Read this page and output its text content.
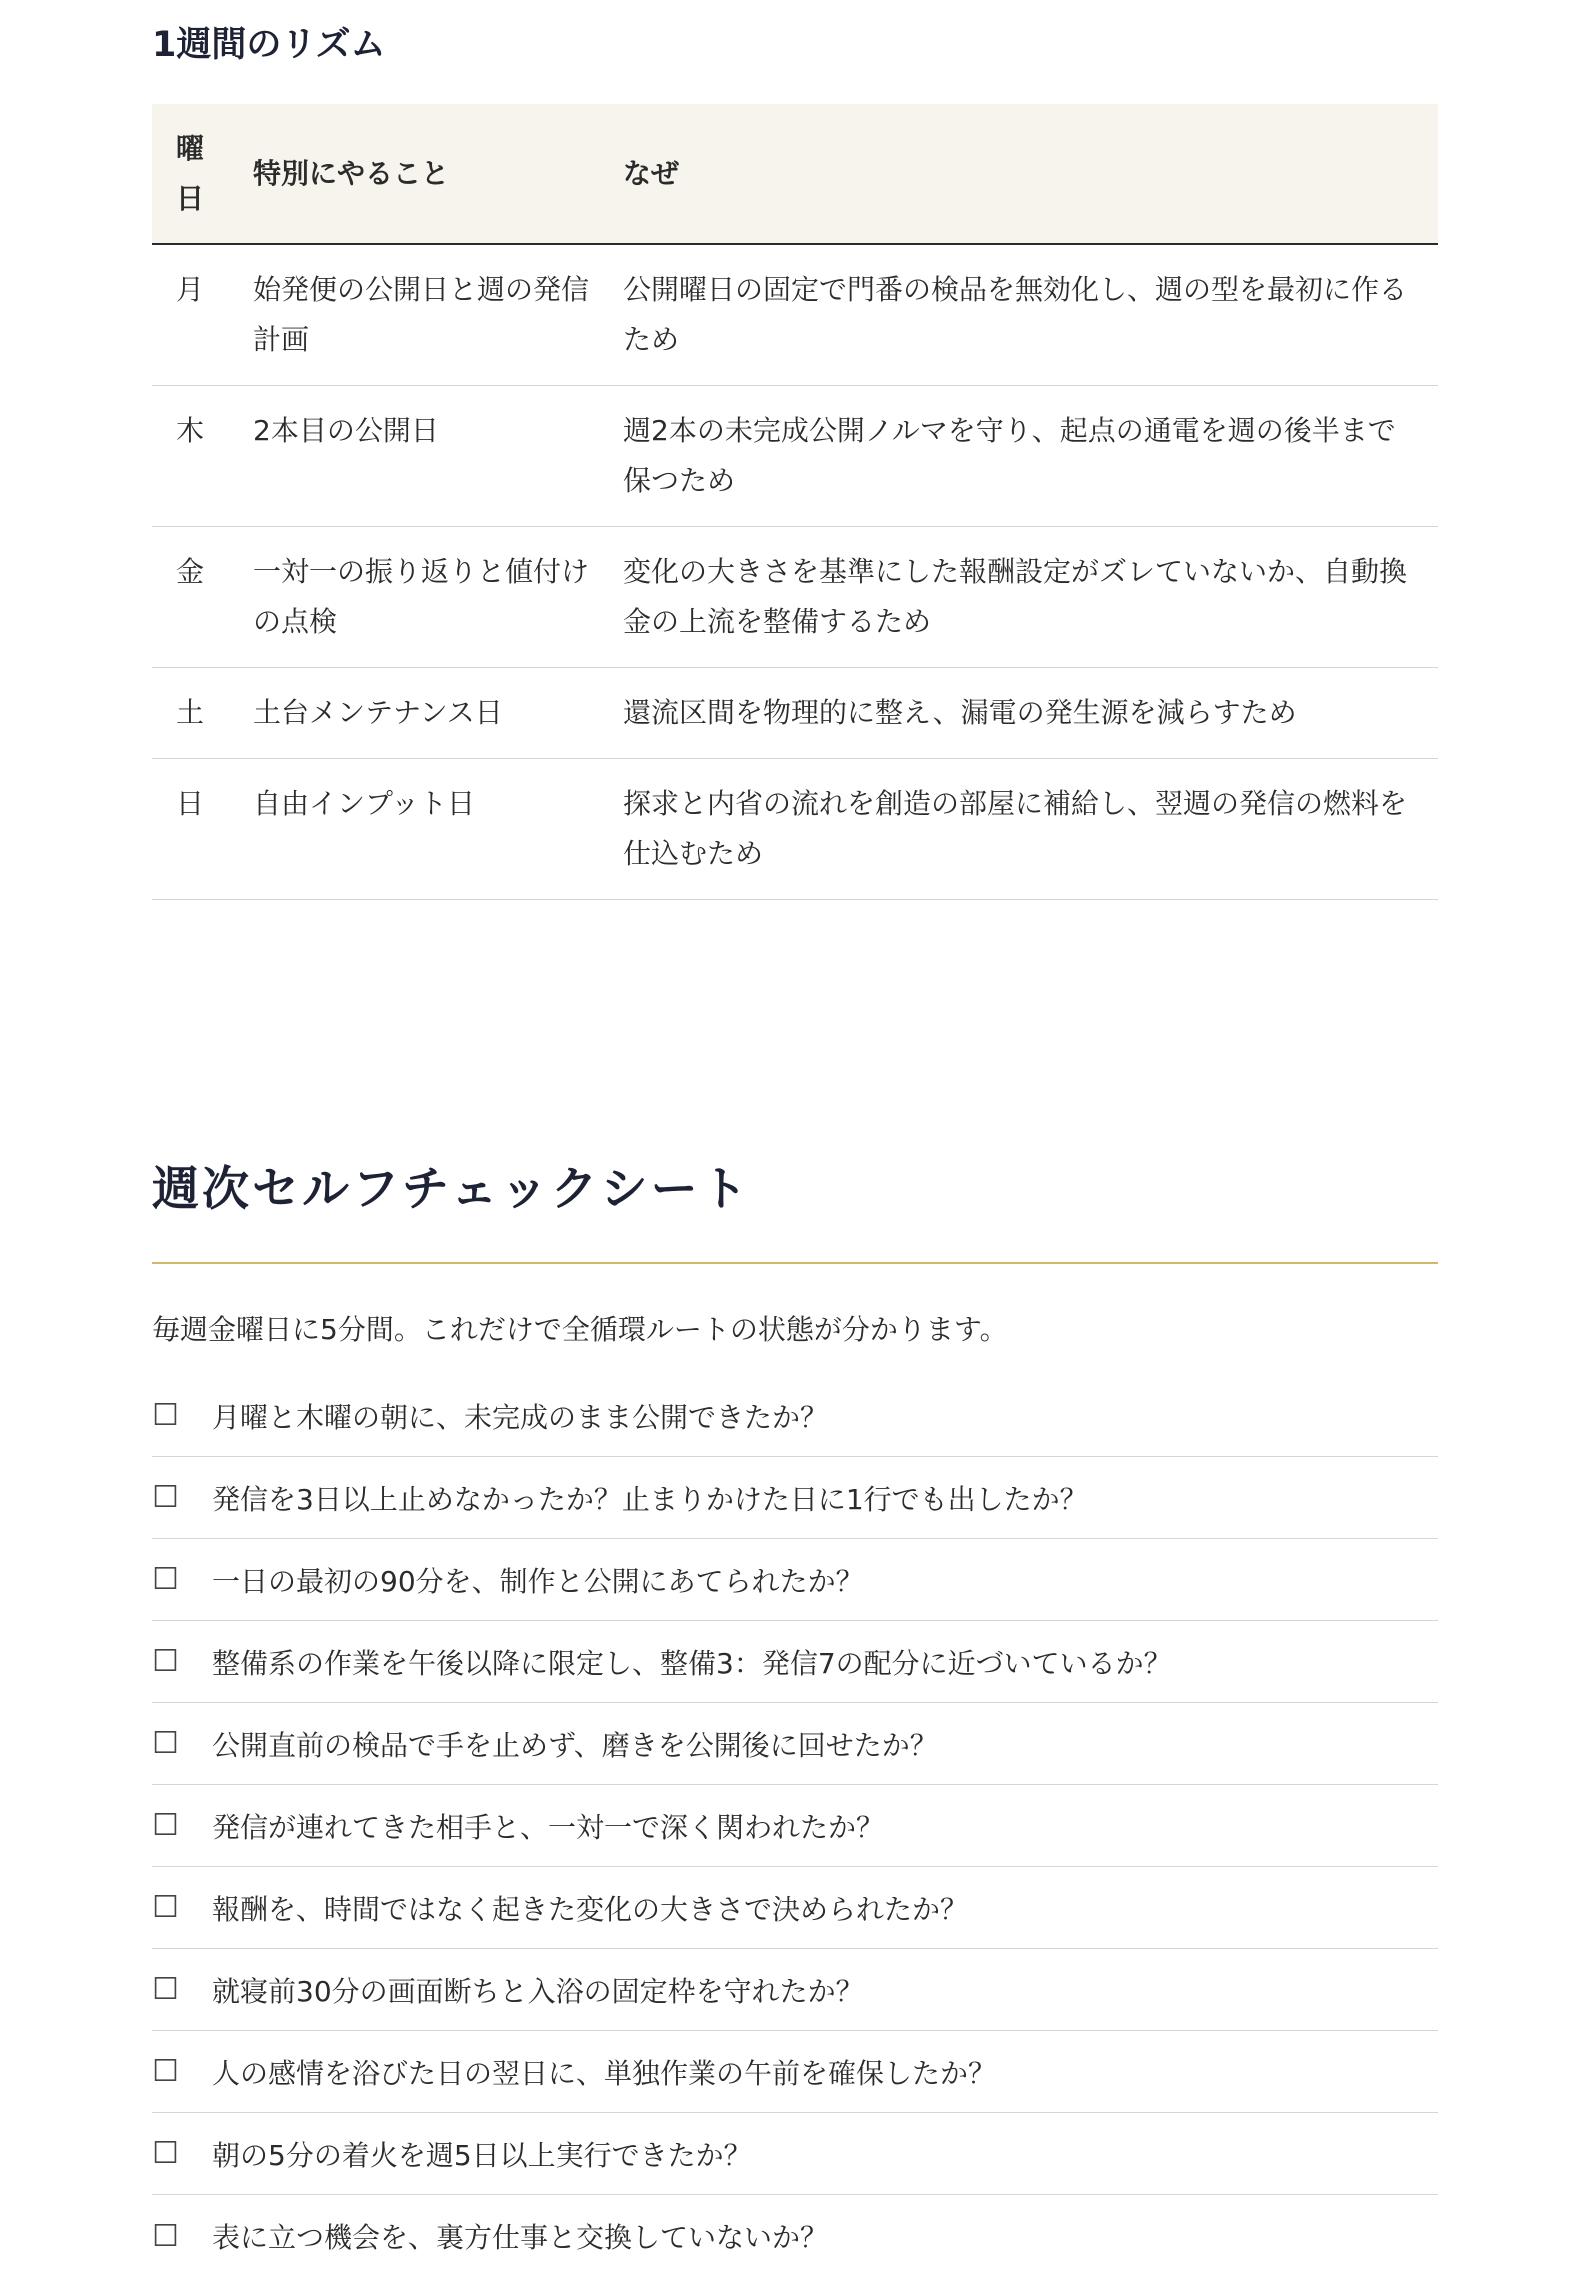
1週間のリズム
曜日	特別にやること	なぜ
月	始発便の公開日と週の発信計画	公開曜日の固定で門番の検品を無効化し、週の型を最初に作るため
木	2本目の公開日	週2本の未完成公開ノルマを守り、起点の通電を週の後半まで保つため
金	一対一の振り返りと値付けの点検	変化の大きさを基準にした報酬設定がズレていないか、自動換金の上流を整備するため
土	土台メンテナンス日	還流区間を物理的に整え、漏電の発生源を減らすため
日	自由インプット日	探求と内省の流れを創造の部屋に補給し、翌週の発信の燃料を仕込むため
週次セルフチェックシート
毎週金曜日に5分間。これだけで全循環ルートの状態が分かります。
☐	月曜と木曜の朝に、未完成のまま公開できたか？
☐	発信を3日以上止めなかったか？止まりかけた日に1行でも出したか？
☐	一日の最初の90分を、制作と公開にあてられたか？
☐	整備系の作業を午後以降に限定し、整備3：発信7の配分に近づいているか？
☐	公開直前の検品で手を止めず、磨きを公開後に回せたか？
☐	発信が連れてきた相手と、一対一で深く関われたか？
☐	報酬を、時間ではなく起きた変化の大きさで決められたか？
☐	就寝前30分の画面断ちと入浴の固定枠を守れたか？
☐	人の感情を浴びた日の翌日に、単独作業の午前を確保したか？
☐	朝の5分の着火を週5日以上実行できたか？
☐	表に立つ機会を、裏方仕事と交換していないか？
